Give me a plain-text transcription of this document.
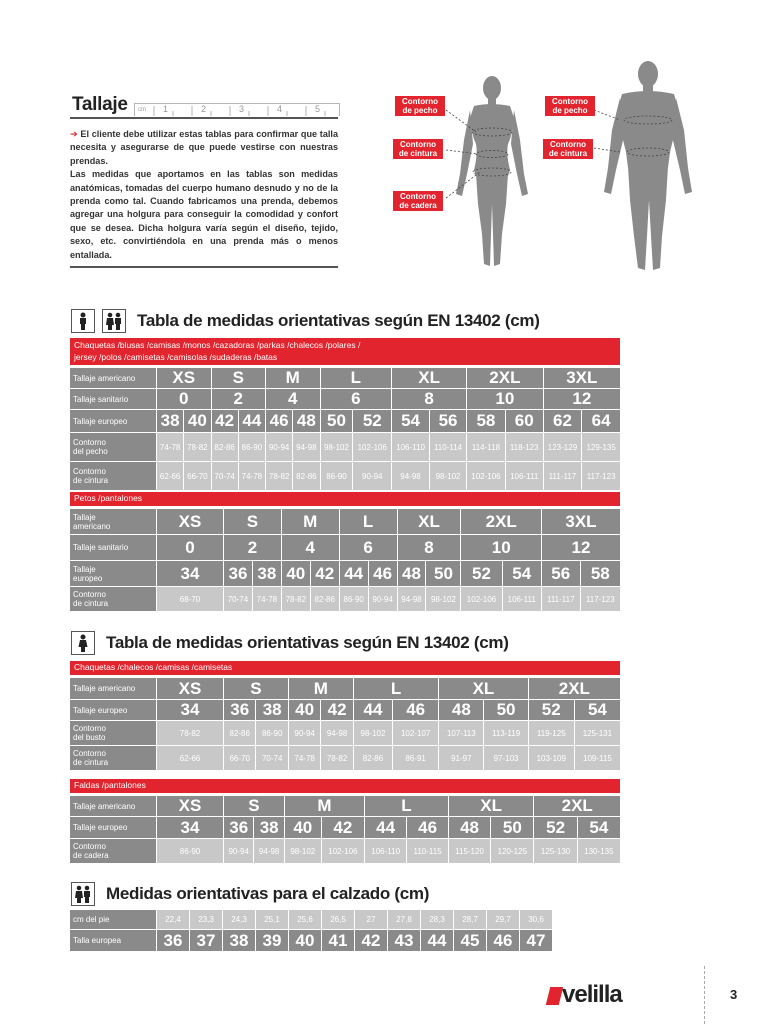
Tallaje cm 1	2	3	4	5

➔ El cliente debe utilizar estas tablas para confirmar que talla necesita y asegurarse de que puede vestirse con nuestras prendas.

Las medidas que aportamos en las tablas son medidas anatómicas, tomadas del cuerpo humano desnudo y no de la prenda como tal. Cuando fabricamos una prenda, debemos agregar una holgura para conseguir la comodidad y confort que se desea. Dicha holgura varía según el diseño, tejido, sexo, etc. convirtiéndola en una prenda más o menos entallada.

Contorno de pecho
Contorno de cintura
Contorno de cadera
Contorno de pecho
Contorno de cintura
Tabla de medidas orientativas según EN 13402 (cm)
Chaquetas /blusas /camisas /monos /cazadoras /parkas /chalecos /polares /
jersey /polos /camisetas /camisolas /sudaderas /batas
Tallaje americano	XS		S		M		L		XL		2XL		3XL	
Tallaje sanitario	0		2		4		6		8		10		12	
Tallaje europeo	38	40	42	44	46	48	50	52	54	56	58	60	62	64
Contorno
del pecho	74-78	78-82	82-86	86-90	90-94	94-98	98-102	102-106	106-110	110-114	114-118	118-123	123-129	129-135
Contorno
de cintura	62-66	66-70	70-74	74-78	78-82	82-86	86-90	90-94	94-98	98-102	102-106	106-111	111-117	117-123
Petos /pantalones
Tallaje
americano	XS	S		M		L		XL		2XL		3XL	
Tallaje sanitario	0	2		4		6		8		10		12	
Tallaje
europeo	34	36	38	40	42	44	46	48	50	52	54	56	58
Contorno
de cintura	68-70	70-74	74-78	78-82	82-86	86-90	90-94	94-98	98-102	102-106	106-111	111-117	117-123
Tabla de medidas orientativas según EN 13402 (cm)
Chaquetas /chalecos /camisas /camisetas
Tallaje americano	XS	S		M		L		XL		2XL	
Tallaje europeo	34	36	38	40	42	44	46	48	50	52	54
Contorno
del busto	78-82	82-86	86-90	90-94	94-98	98-102	102-107	107-113	113-119	119-125	125-131
Contorno
de cintura	62-66	66-70	70-74	74-78	78-82	82-86	86-91	91-97	97-103	103-109	109-115
Faldas /pantalones
Tallaje americano	XS	S		M		L		XL		2XL	
Tallaje europeo	34	36	38	40	42	44	46	48	50	52	54
Contorno
de cadera	86-90	90-94	94-98	98-102	102-106	106-110	110-115	115-120	120-125	125-130	130-135
Medidas orientativas para el calzado (cm)
cm del pie	22,4	23,3	24,3	25,1	25,6	26,5	27	27,8	28,3	28,7	29,7	30,6
Talla europea	36	37	38	39	40	41	42	43	44	45	46	47
velilla	3
